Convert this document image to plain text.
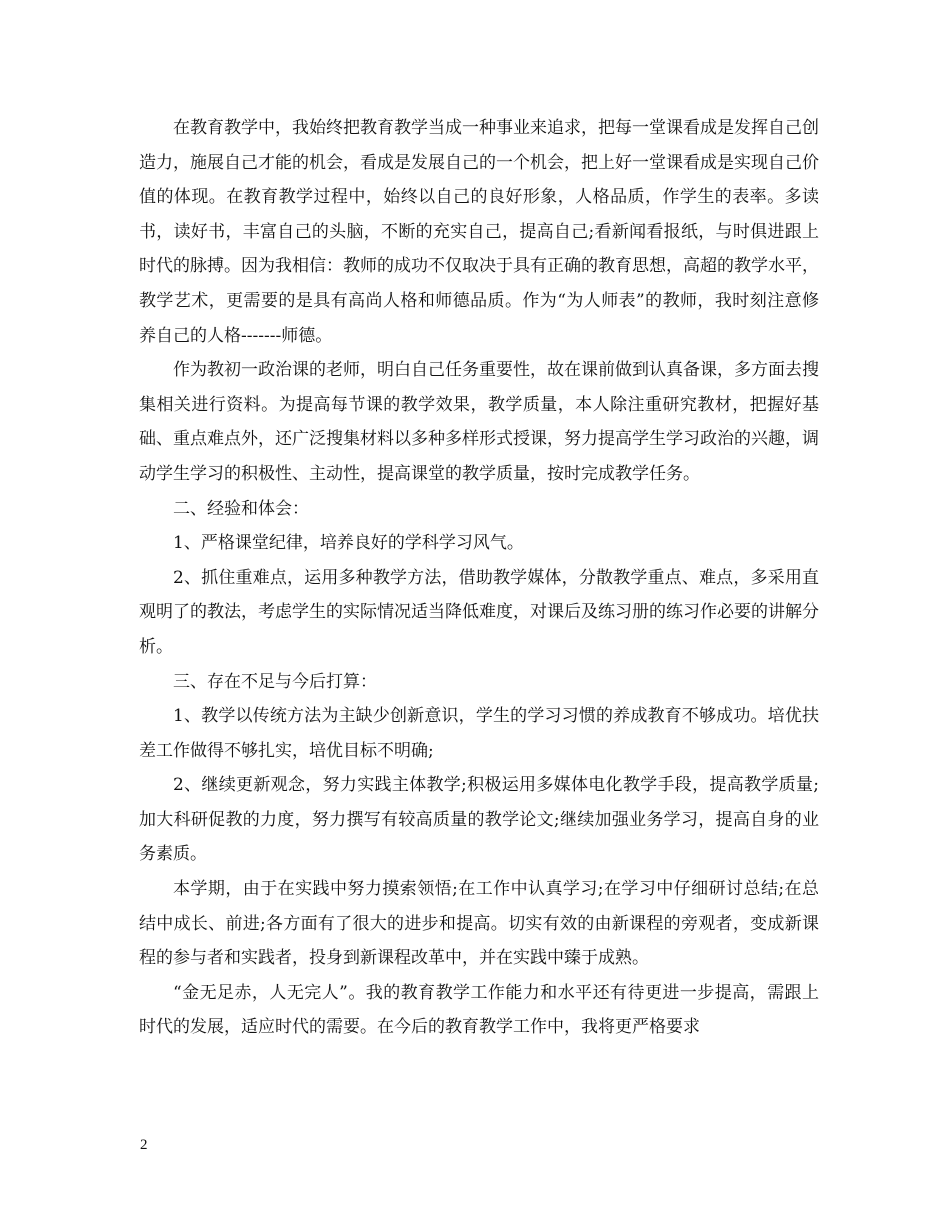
在教育教学中，我始终把教育教学当成一种事业来追求，把每一堂课看成是发挥自己创造力，施展自己才能的机会，看成是发展自己的一个机会，把上好一堂课看成是实现自己价值的体现。在教育教学过程中，始终以自己的良好形象，人格品质，作学生的表率。多读书，读好书，丰富自己的头脑，不断的充实自己，提高自己;看新闻看报纸，与时俱进跟上时代的脉搏。因为我相信：教师的成功不仅取决于具有正确的教育思想，高超的教学水平，教学艺术，更需要的是具有高尚人格和师德品质。作为“为人师表”的教师，我时刻注意修养自己的人格-------师德。

作为教初一政治课的老师，明白自己任务重要性，故在课前做到认真备课，多方面去搜集相关进行资料。为提高每节课的教学效果，教学质量，本人除注重研究教材，把握好基础、重点难点外，还广泛搜集材料以多种多样形式授课，努力提高学生学习政治的兴趣，调动学生学习的积极性、主动性，提高课堂的教学质量，按时完成教学任务。

二、经验和体会：

1、严格课堂纪律，培养良好的学科学习风气。

2、抓住重难点，运用多种教学方法，借助教学媒体，分散教学重点、难点，多采用直观明了的教法，考虑学生的实际情况适当降低难度，对课后及练习册的练习作必要的讲解分析。

三、存在不足与今后打算：

1、教学以传统方法为主缺少创新意识，学生的学习习惯的养成教育不够成功。培优扶差工作做得不够扎实，培优目标不明确;

2、继续更新观念，努力实践主体教学;积极运用多媒体电化教学手段，提高教学质量;加大科研促教的力度，努力撰写有较高质量的教学论文;继续加强业务学习，提高自身的业务素质。

本学期，由于在实践中努力摸索领悟;在工作中认真学习;在学习中仔细研讨总结;在总结中成长、前进;各方面有了很大的进步和提高。切实有效的由新课程的旁观者，变成新课程的参与者和实践者，投身到新课程改革中，并在实践中臻于成熟。

“金无足赤，人无完人”。我的教育教学工作能力和水平还有待更进一步提高，需跟上时代的发展，适应时代的需要。在今后的教育教学工作中，我将更严格要求

2
